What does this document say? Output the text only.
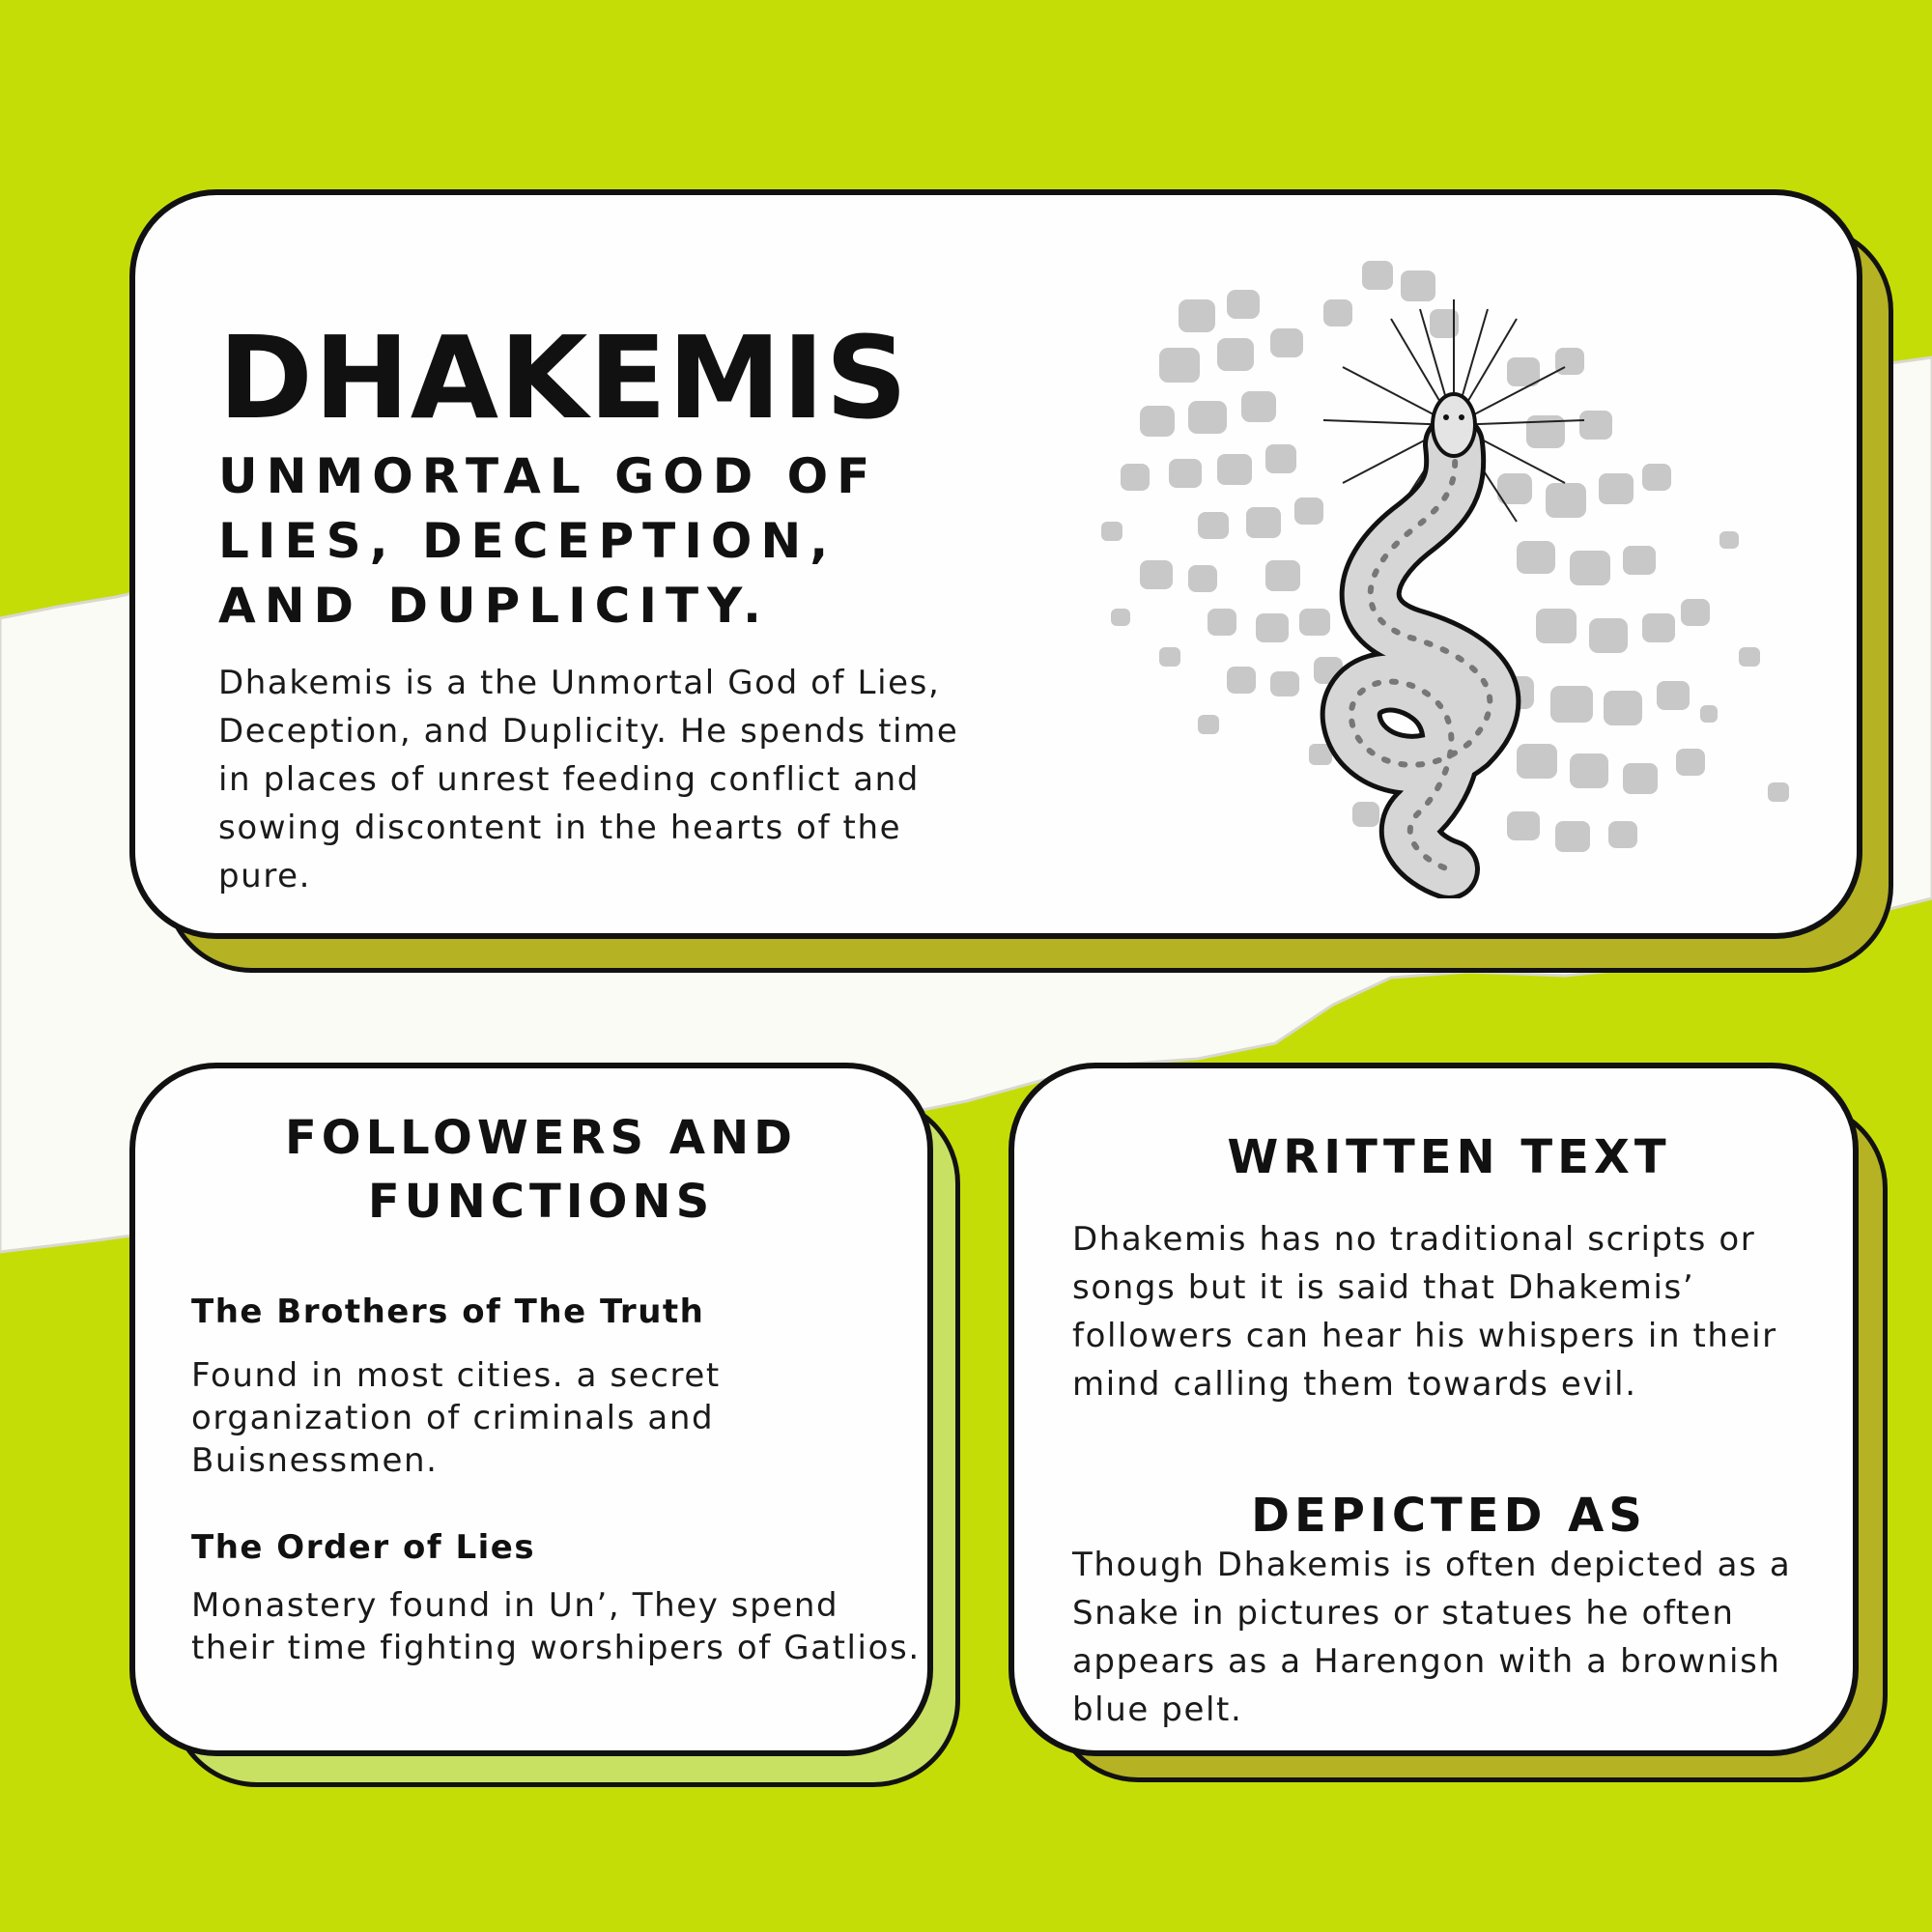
DHAKEMIS
UNMORTAL GOD OF LIES, DECEPTION, AND DUPLICITY.

Dhakemis is a the Unmortal God of Lies, Deception, and Duplicity. He spends time in places of unrest feeding conflict and sowing discontent in the hearts of the pure.

FOLLOWERS AND FUNCTIONS
The Brothers of The Truth

Found in most cities. a secret organization of criminals and Buisnessmen.

The Order of Lies

Monastery found in Un’, They spend their time fighting worshipers of Gatlios.

WRITTEN TEXT

Dhakemis has no traditional scripts or songs but it is said that Dhakemis’ followers can hear his whispers in their mind calling them towards evil.

DEPICTED AS

Though Dhakemis is often depicted as a Snake in pictures or statues he often appears as a Harengon with a brownish blue pelt.
